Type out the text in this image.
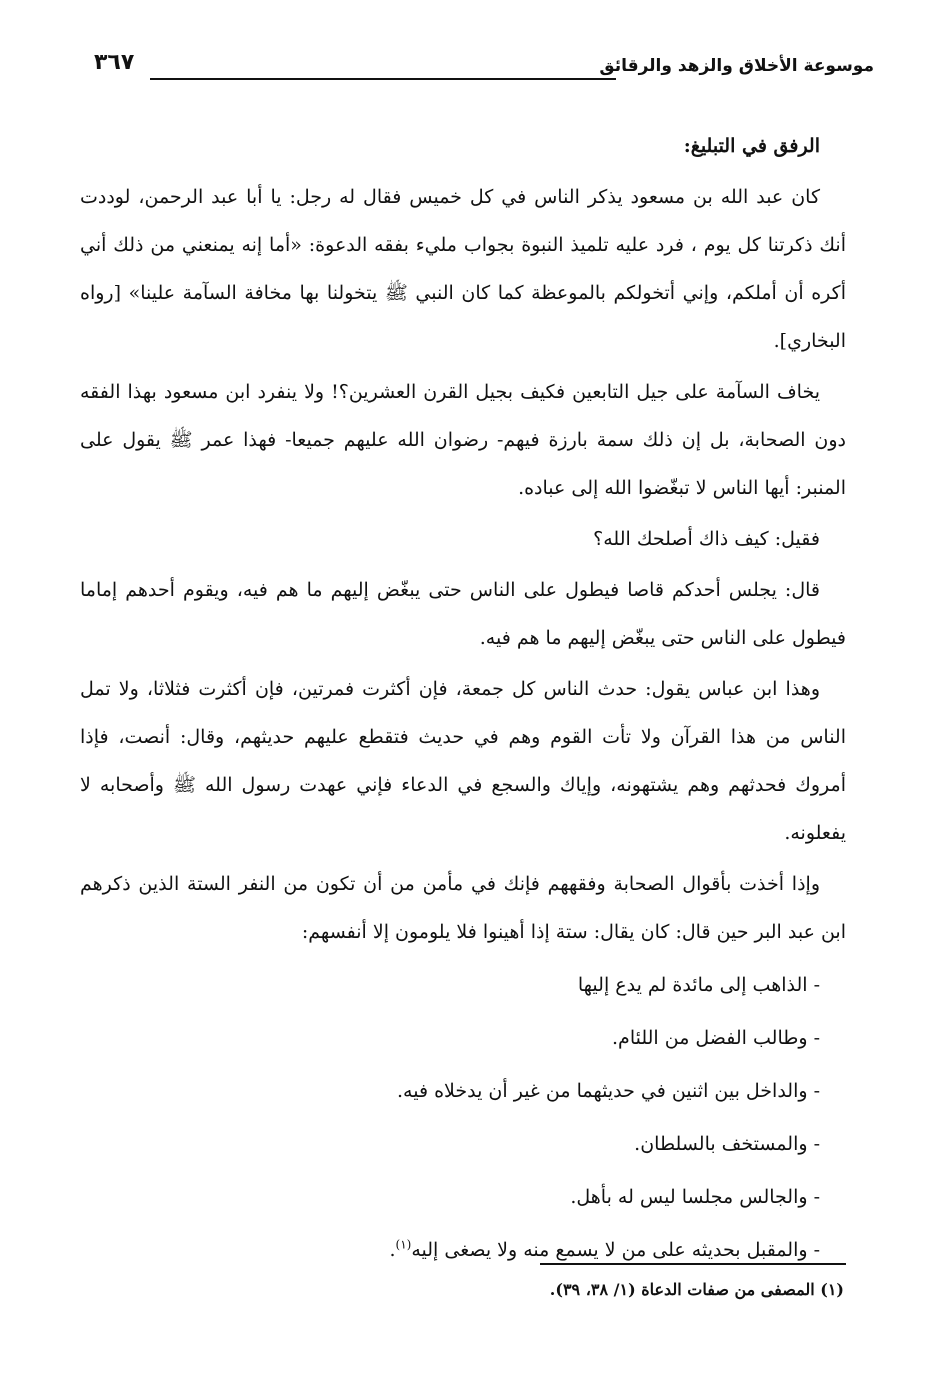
موسوعة الأخلاق والزهد والرقائق
٣٦٧

الرفق في التبليغ:

كان عبد الله بن مسعود يذكر الناس في كل خميس فقال له رجل: يا أبا عبد الرحمن، لوددت أنك ذكرتنا كل يوم ، فرد عليه تلميذ النبوة بجواب مليء بفقه الدعوة: «أما إنه يمنعني من ذلك أني أكره أن أملكم، وإني أتخولكم بالموعظة كما كان النبي ﷺ يتخولنا بها مخافة السآمة علينا» [رواه البخاري].

يخاف السآمة على جيل التابعين فكيف بجيل القرن العشرين؟! ولا ينفرد ابن مسعود بهذا الفقه دون الصحابة، بل إن ذلك سمة بارزة فيهم- رضوان الله عليهم جميعا- فهذا عمر ﷺ يقول على المنبر: أيها الناس لا تبغّضوا الله إلى عباده.

فقيل: كيف ذاك أصلحك الله؟

قال: يجلس أحدكم قاصا فيطول على الناس حتى يبغّض إليهم ما هم فيه، ويقوم أحدهم إماما فيطول على الناس حتى يبغّض إليهم ما هم فيه.

وهذا ابن عباس يقول: حدث الناس كل جمعة، فإن أكثرت فمرتين، فإن أكثرت فثلاثا، ولا تمل الناس من هذا القرآن ولا تأت القوم وهم في حديث فتقطع عليهم حديثهم، وقال: أنصت، فإذا أمروك فحدثهم وهم يشتهونه، وإياك والسجع في الدعاء فإني عهدت رسول الله ﷺ وأصحابه لا يفعلونه.

وإذا أخذت بأقوال الصحابة وفقههم فإنك في مأمن من أن تكون من النفر الستة الذين ذكرهم ابن عبد البر حين قال: كان يقال: ستة إذا أهينوا فلا يلومون إلا أنفسهم:

- الذاهب إلى مائدة لم يدع إليها
- وطالب الفضل من اللئام.
- والداخل بين اثنين في حديثهما من غير أن يدخلاه فيه.
- والمستخف بالسلطان.
- والجالس مجلسا ليس له بأهل.
- والمقبل بحديثه على من لا يسمع منه ولا يصغى إليه$^{(١)}$.
(١) المصفى من صفات الدعاة (١/ ٣٨، ٣٩).
